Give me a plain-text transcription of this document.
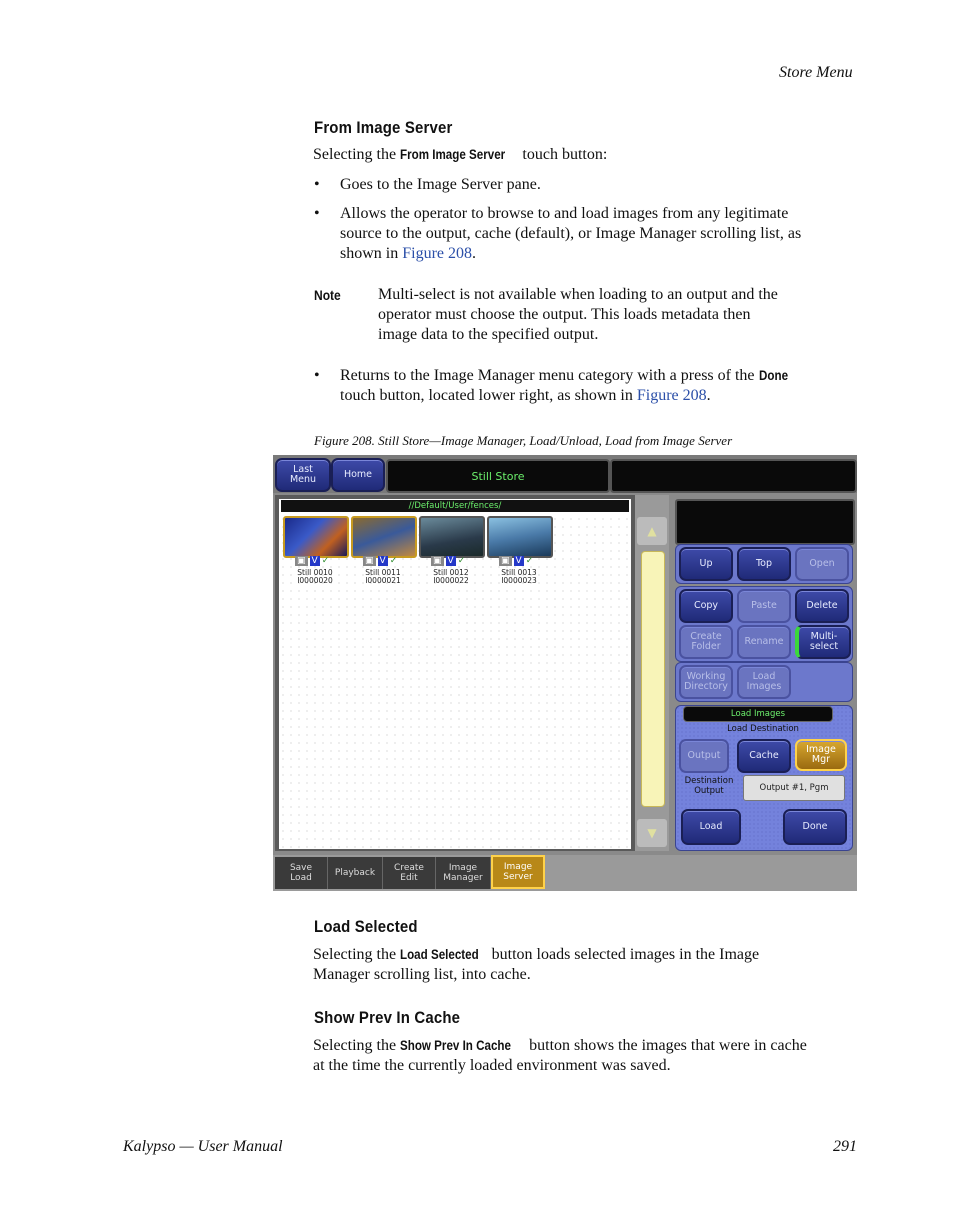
Store Menu
From Image Server
Selecting the From Image Server touch button:
• Goes to the Image Server pane.
• Allows the operator to browse to and load images from any legitimate
source to the output, cache (default), or Image Manager scrolling list, as
shown in Figure 208.
Note Multi-select is not available when loading to an output and the
operator must choose the output. This loads metadata then
image data to the specified output.
• Returns to the Image Manager menu category with a press of the Done
touch button, located lower right, as shown in Figure 208.
Figure 208. Still Store—Image Manager, Load/Unload, Load from Image Server
Last
Menu	Home	Still Store
//Default/User/fences/
▣ V ✓	▣ V ✓	▣ V ✓	▣ V ✓
Still 0010
I0000020
Still 0011
I0000021
Still 0012
I0000022
Still 0013
I0000023
▲
▼
Up	Top	Open
Copy	Paste	Delete
Create
Folder	Rename	Multi-
select
Working
Directory
Load
Images
Load Images
Load Destination
Output	Cache
Image
Mgr
Destination
Output	Output #1, Pgm
Load	Done
Save
Load	Playback Create
Edit
Image
Manager
Image
Server
Load Selected
Selecting the Load Selected button loads selected images in the Image
Manager scrolling list, into cache.
Show Prev In Cache
Selecting the Show Prev In Cache button shows the images that were in cache
at the time the currently loaded environment was saved.
Kalypso — User Manual	291
